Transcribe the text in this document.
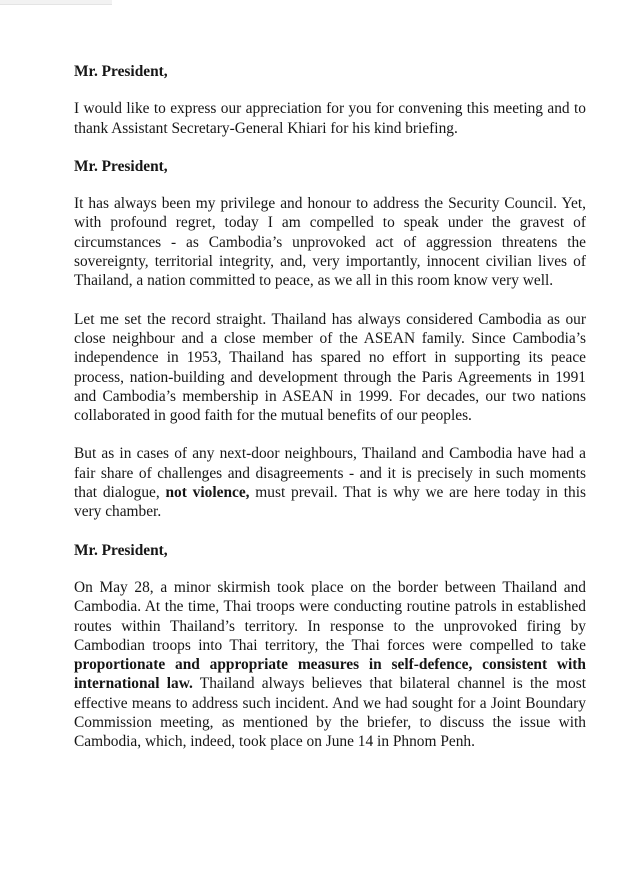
Mr. President,

I would like to express our appreciation for you for convening this meeting and to thank Assistant Secretary-General Khiari for his kind briefing.

Mr. President,

It has always been my privilege and honour to address the Security Council. Yet, with profound regret, today I am compelled to speak under the gravest of circumstances - as Cambodia’s unprovoked act of aggression threatens the sovereignty, territorial integrity, and, very importantly, innocent civilian lives of Thailand, a nation committed to peace, as we all in this room know very well.

Let me set the record straight. Thailand has always considered Cambodia as our close neighbour and a close member of the ASEAN family. Since Cambodia’s independence in 1953, Thailand has spared no effort in supporting its peace process, nation-building and development through the Paris Agreements in 1991 and Cambodia’s membership in ASEAN in 1999. For decades, our two nations collaborated in good faith for the mutual benefits of our peoples.

But as in cases of any next-door neighbours, Thailand and Cambodia have had a fair share of challenges and disagreements - and it is precisely in such moments that dialogue, not violence, must prevail. That is why we are here today in this very chamber.

Mr. President,

On May 28, a minor skirmish took place on the border between Thailand and Cambodia. At the time, Thai troops were conducting routine patrols in established routes within Thailand’s territory. In response to the unprovoked firing by Cambodian troops into Thai territory, the Thai forces were compelled to take proportionate and appropriate measures in self-defence, consistent with international law. Thailand always believes that bilateral channel is the most effective means to address such incident. And we had sought for a Joint Boundary Commission meeting, as mentioned by the briefer, to discuss the issue with Cambodia, which, indeed, took place on June 14 in Phnom Penh.
